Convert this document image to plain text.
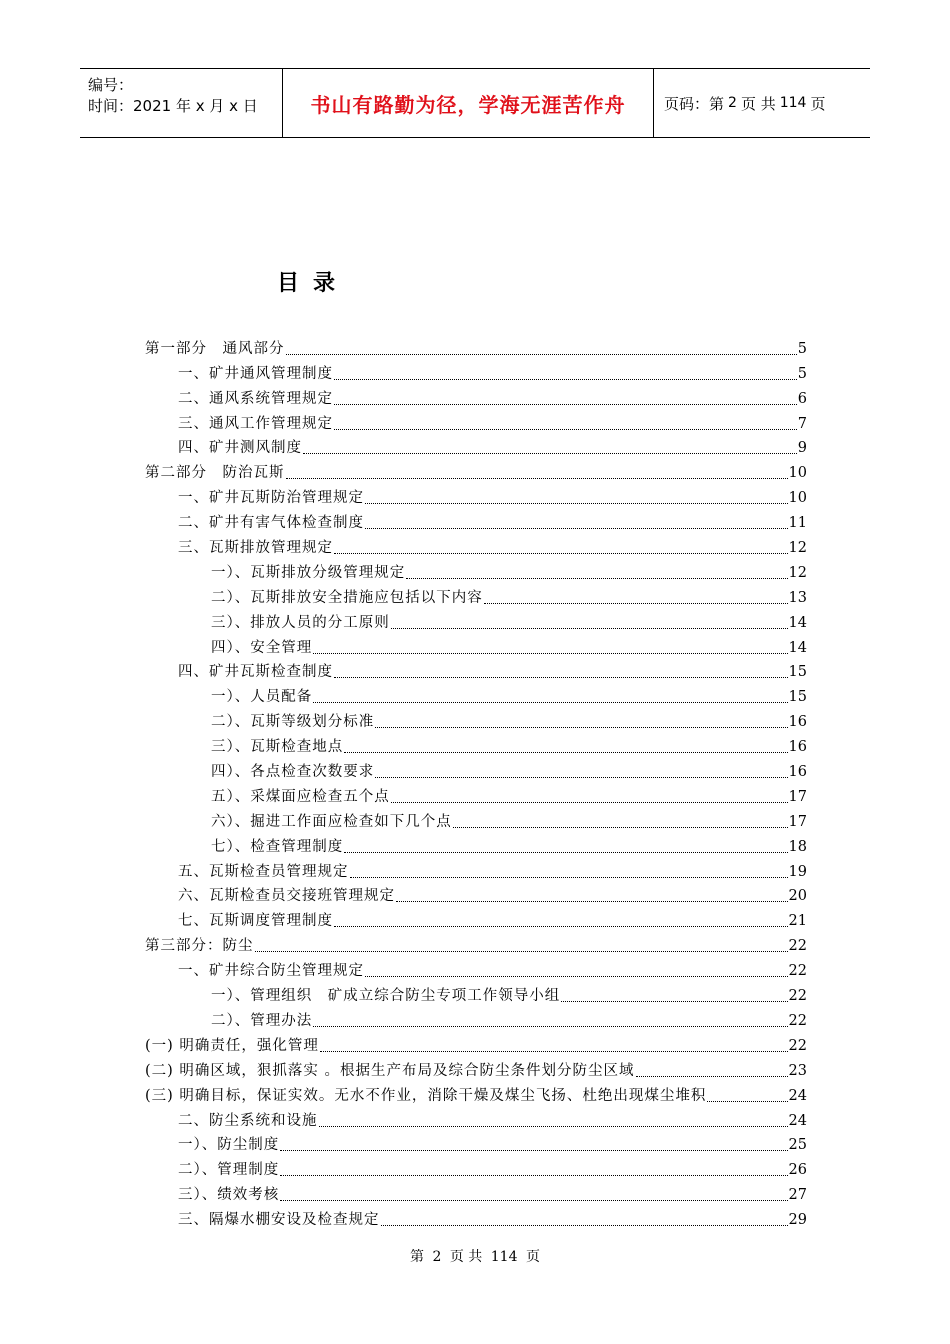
编号：
时间：2021 年 x 月 x 日	书山有路勤为径，学海无涯苦作舟	页码：第 2 页 共 114 页
目录
第一部分　通风部分	5
一、矿井通风管理制度	5
二、通风系统管理规定	6
三、通风工作管理规定	7
四、矿井测风制度	9
第二部分　防治瓦斯	10
一、矿井瓦斯防治管理规定	10
二、矿井有害气体检查制度	11
三、瓦斯排放管理规定	12
一）、瓦斯排放分级管理规定	12
二）、瓦斯排放安全措施应包括以下内容	13
三）、排放人员的分工原则	14
四）、安全管理	14
四、矿井瓦斯检查制度	15
一）、人员配备	15
二）、瓦斯等级划分标准	16
三）、瓦斯检查地点	16
四）、各点检查次数要求	16
五）、采煤面应检查五个点	17
六）、掘进工作面应检查如下几个点	17
七）、检查管理制度	18
五、瓦斯检查员管理规定	19
六、瓦斯检查员交接班管理规定	20
七、瓦斯调度管理制度	21
第三部分：防尘	22
一、矿井综合防尘管理规定	22
一）、管理组织　矿成立综合防尘专项工作领导小组	22
二）、管理办法	22
(一) 明确责任，强化管理	22
(二) 明确区域，狠抓落实 。根据生产布局及综合防尘条件划分防尘区域	23
(三) 明确目标，保证实效。无水不作业，消除干燥及煤尘飞扬、杜绝出现煤尘堆积	24
二、防尘系统和设施	24
一）、防尘制度	25
二）、管理制度	26
三）、绩效考核	27
三、隔爆水棚安设及检查规定	29
第 2 页 共 114 页
